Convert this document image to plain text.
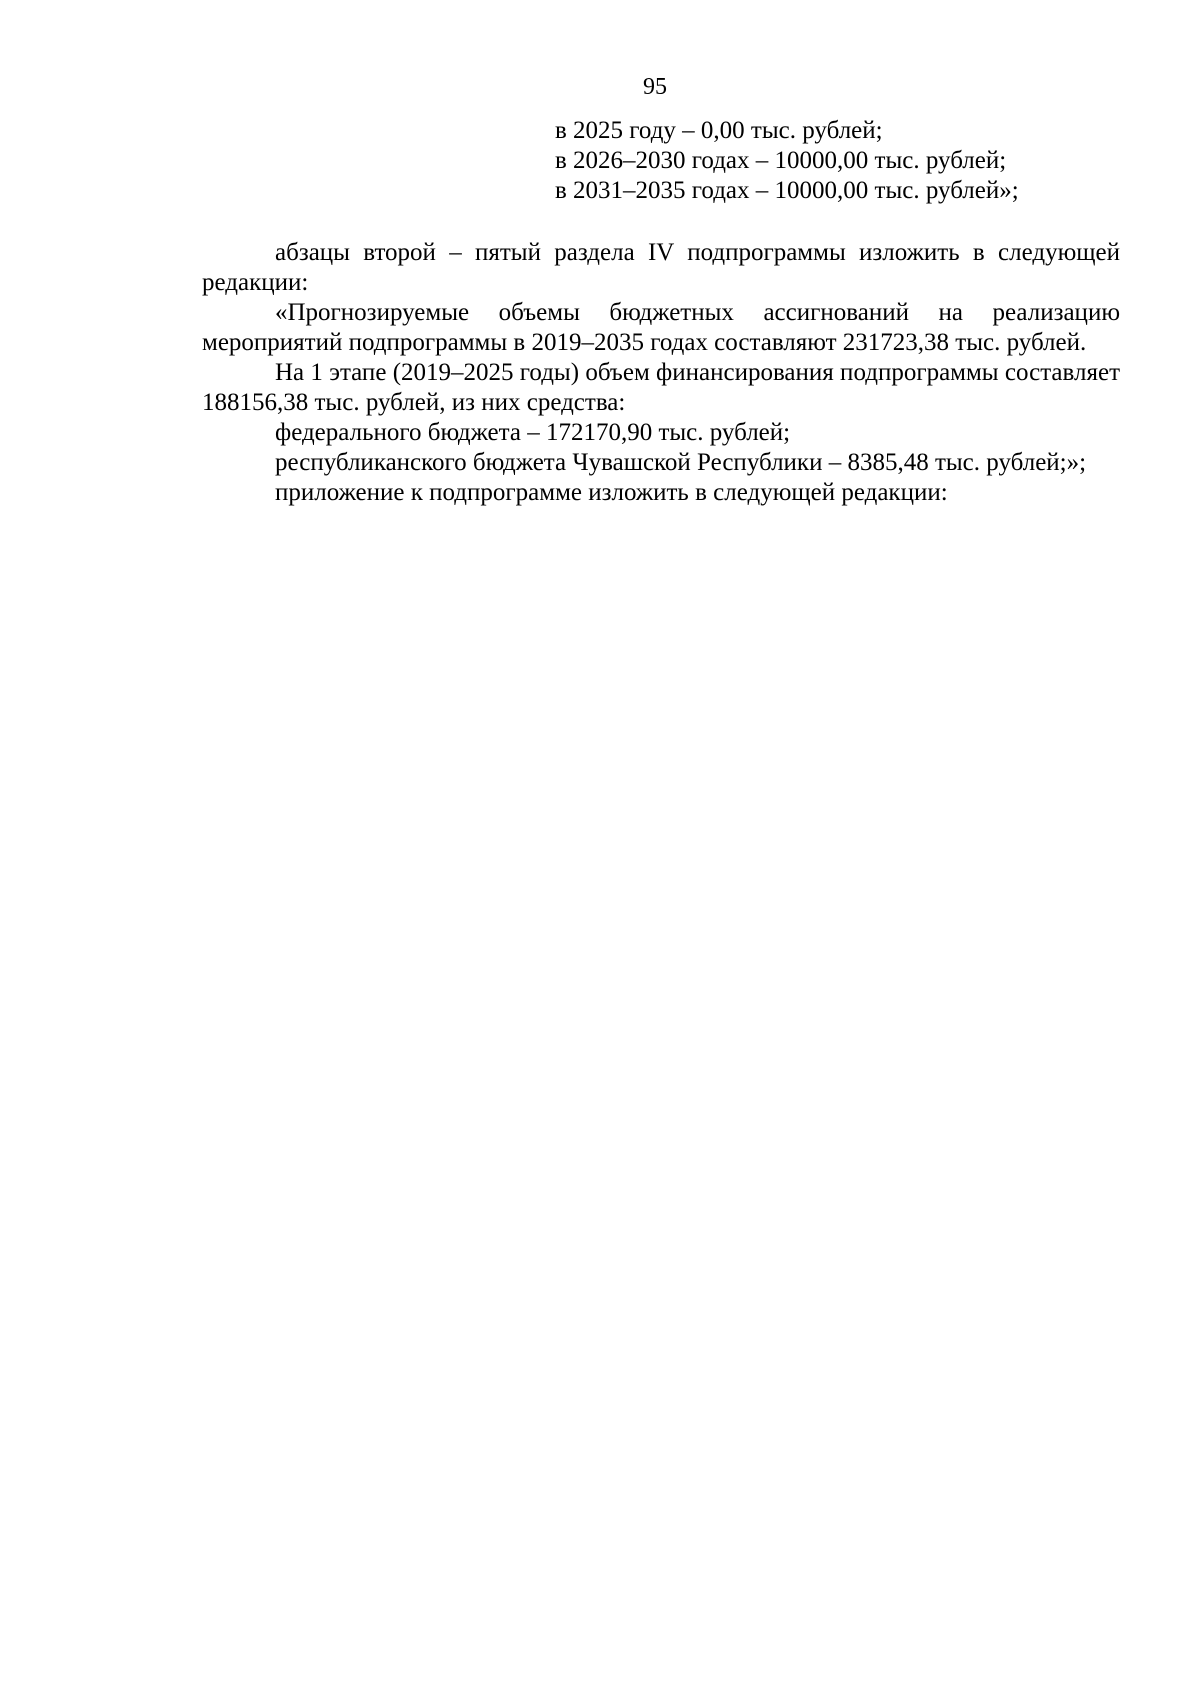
95
в 2025 году – 0,00 тыс. рублей;
в 2026–2030 годах – 10000,00 тыс. рублей;
в 2031–2035 годах – 10000,00 тыс. рублей»;

абзацы второй – пятый раздела IV подпрограммы изложить в следующей редакции:

«Прогнозируемые объемы бюджетных ассигнований на реализацию мероприятий подпрограммы в 2019–2035 годах составляют 231723,38 тыс. рублей.

На 1 этапе (2019–2025 годы) объем финансирования подпрограммы составляет 188156,38 тыс. рублей, из них средства:

федерального бюджета – 172170,90 тыс. рублей;

республиканского бюджета Чувашской Республики – 8385,48 тыс. рублей;»;

приложение к подпрограмме изложить в следующей редакции:
